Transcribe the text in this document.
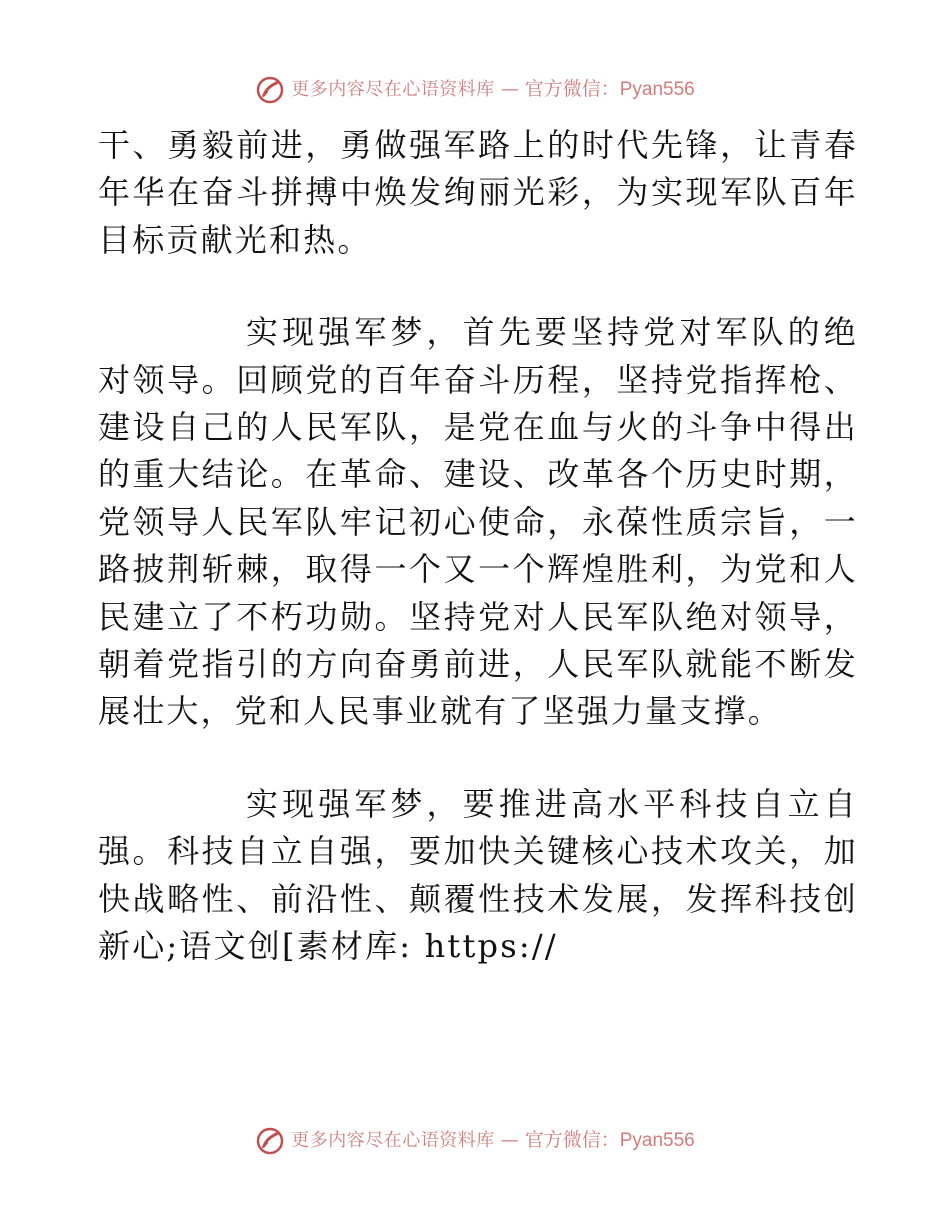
更多内容尽在心语资料库 — 官方微信：Pyan556

干、勇毅前进，勇做强军路上的时代先锋，让青春年华在奋斗拼搏中焕发绚丽光彩，为实现军队百年目标贡献光和热。

实现强军梦，首先要坚持党对军队的绝对领导。回顾党的百年奋斗历程，坚持党指挥枪、建设自己的人民军队，是党在血与火的斗争中得出的重大结论。在革命、建设、改革各个历史时期，党领导人民军队牢记初心使命，永葆性质宗旨，一路披荆斩棘，取得一个又一个辉煌胜利，为党和人民建立了不朽功勋。坚持党对人民军队绝对领导，朝着党指引的方向奋勇前进，人民军队就能不断发展壮大，党和人民事业就有了坚强力量支撑。

实现强军梦，要推进高水平科技自立自强。科技自立自强，要加快关键核心技术攻关，加快战略性、前沿性、颠覆性技术发展，发挥科技创新心;语文创[素材库: https://

更多内容尽在心语资料库 — 官方微信：Pyan556
